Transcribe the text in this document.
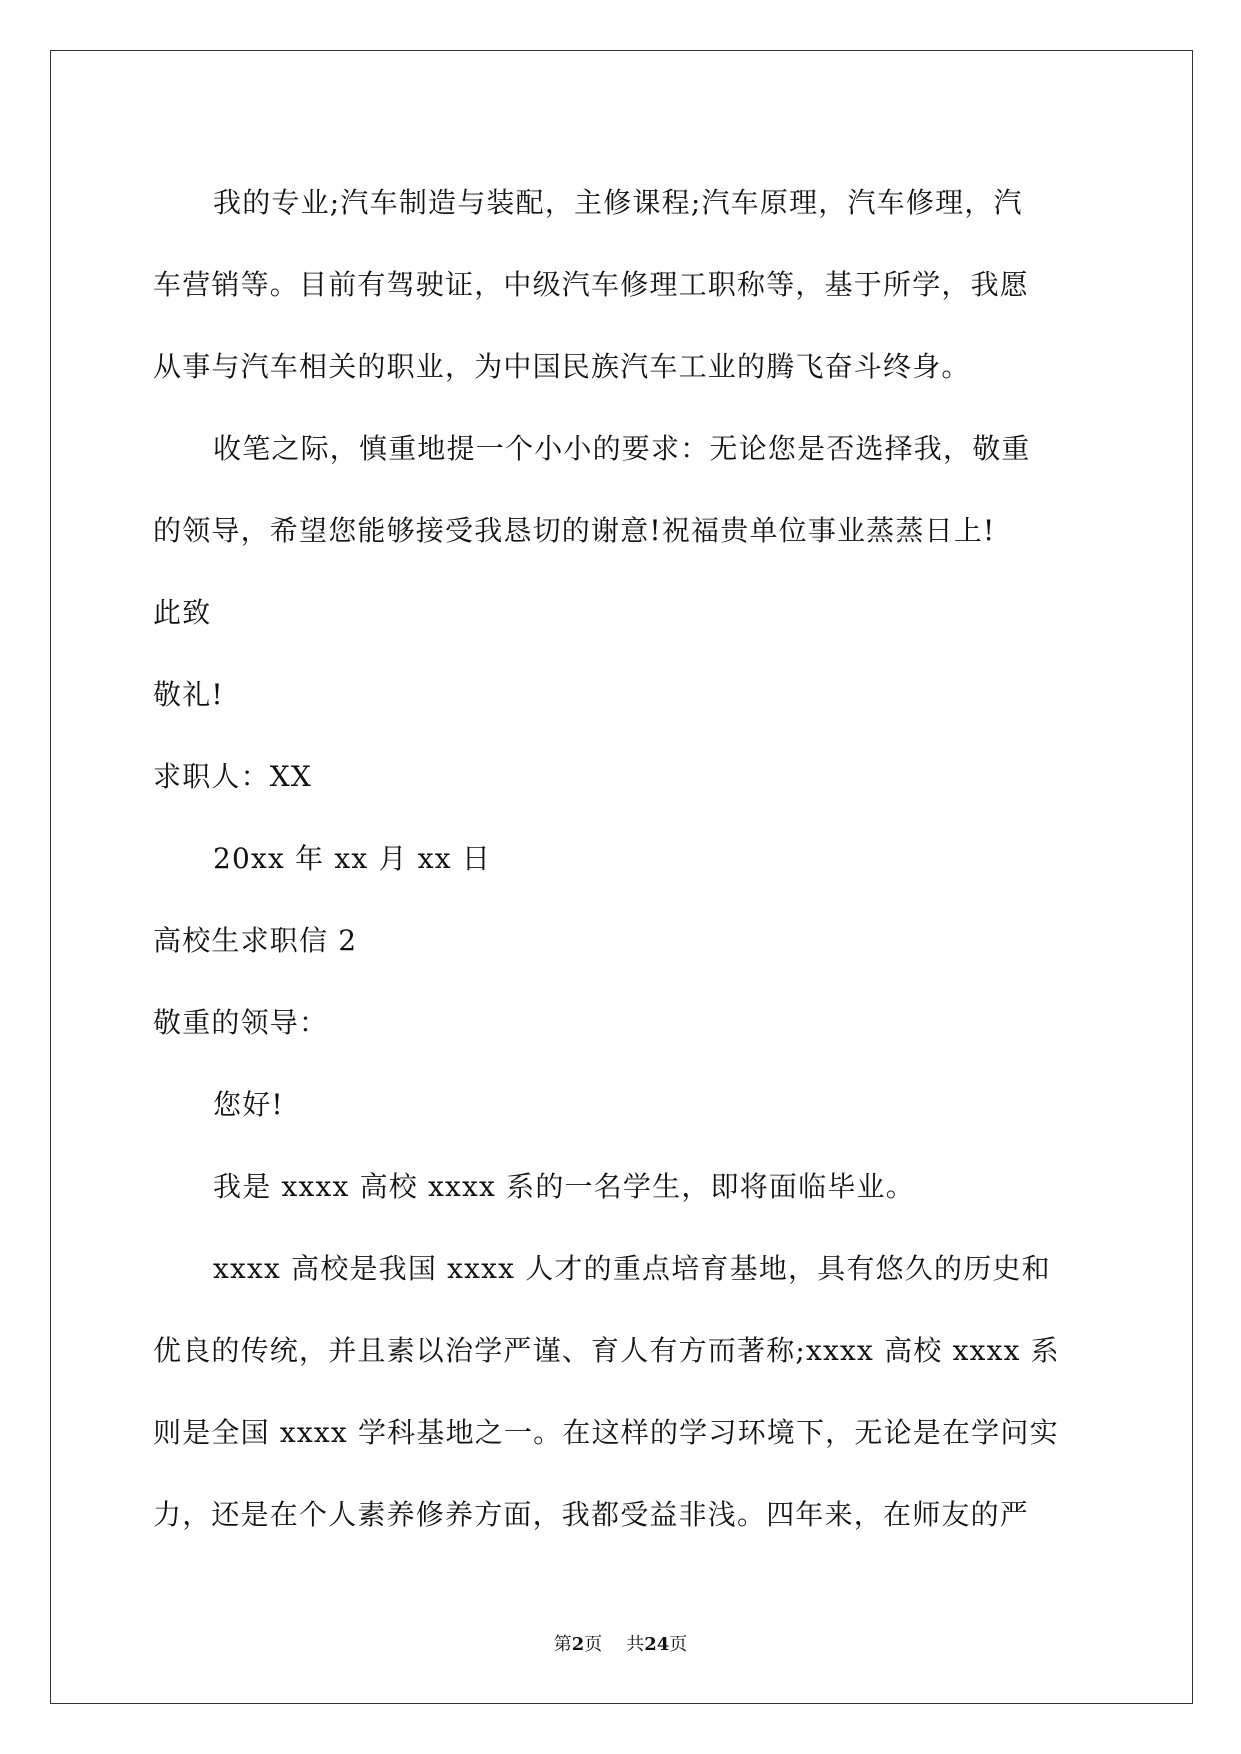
我的专业;汽车制造与装配，主修课程;汽车原理，汽车修理，汽
车营销等。目前有驾驶证，中级汽车修理工职称等，基于所学，我愿
从事与汽车相关的职业，为中国民族汽车工业的腾飞奋斗终身。
收笔之际，慎重地提一个小小的要求：无论您是否选择我，敬重
的领导，希望您能够接受我恳切的谢意!祝福贵单位事业蒸蒸日上!
此致
敬礼!
求职人：XX
20xx 年 xx 月 xx 日
高校生求职信 2
敬重的领导：
您好!
我是 xxxx 高校 xxxx 系的一名学生，即将面临毕业。
xxxx 高校是我国 xxxx 人才的重点培育基地，具有悠久的历史和
优良的传统，并且素以治学严谨、育人有方而著称;xxxx 高校 xxxx 系
则是全国 xxxx 学科基地之一。在这样的学习环境下，无论是在学问实
力，还是在个人素养修养方面，我都受益非浅。四年来，在师友的严
第2页 共24页
